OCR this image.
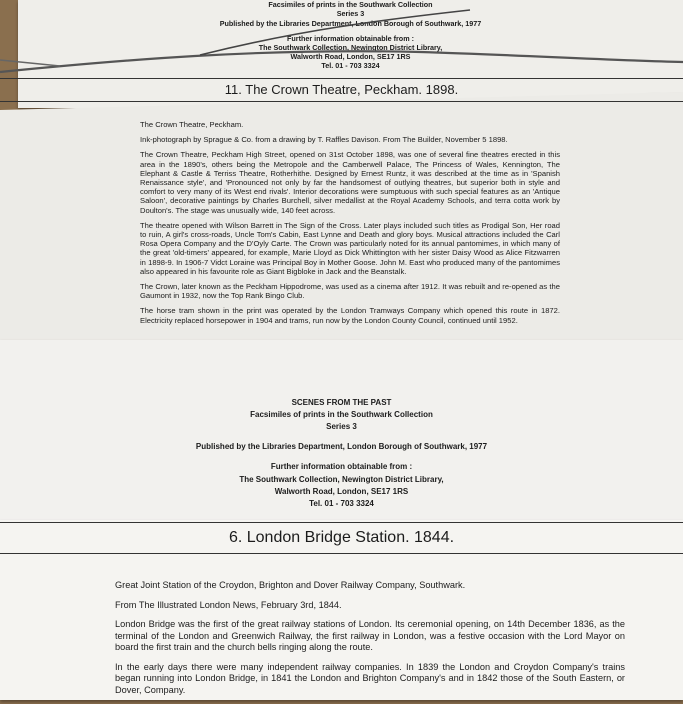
Facsimiles of prints in the Southwark Collection
Series 3
Published by the Libraries Department, London Borough of Southwark, 1977
Further information obtainable from :
The Southwark Collection, Newington District Library,
Walworth Road, London, SE17 1RS
Tel. 01 - 703 3324
11. The Crown Theatre, Peckham. 1898.

The Crown Theatre, Peckham.

Ink-photograph by Sprague & Co. from a drawing by T. Raffles Davison. From The Builder, November 5 1898.

The Crown Theatre, Peckham High Street, opened on 31st October 1898, was one of several fine theatres erected in this area in the 1890's, others being the Metropole and the Camberwell Palace, The Princess of Wales, Kennington, The Elephant & Castle & Terriss Theatre, Rotherhithe. Designed by Ernest Runtz, it was described at the time as in 'Spanish Renaissance style', and 'Pronounced not only by far the handsomest of outlying theatres, but superior both in style and comfort to very many of its West end rivals'. Interior decorations were sumptuous with such special features as an 'Antique Saloon', decorative paintings by Charles Burchell, silver medallist at the Royal Academy Schools, and terra cotta work by Doulton's. The stage was unusually wide, 140 feet across.

The theatre opened with Wilson Barrett in The Sign of the Cross. Later plays included such titles as Prodigal Son, Her road to ruin, A girl's cross-roads, Uncle Tom's Cabin, East Lynne and Death and glory boys. Musical attractions included the Carl Rosa Opera Company and the D'Oyly Carte. The Crown was particularly noted for its annual pantomimes, in which many of the great 'old-timers' appeared, for example, Marie Lloyd as Dick Whittington with her sister Daisy Wood as Alice Fitzwarren in 1898-9. In 1906-7 Vidct Loraine was Principal Boy in Mother Goose. John M. East who produced many of the pantomimes also appeared in his favourite role as Giant Bigbloke in Jack and the Beanstalk.

The Crown, later known as the Peckham Hippodrome, was used as a cinema after 1912. It was rebuilt and re-opened as the Gaumont in 1932, now the Top Rank Bingo Club.

The horse tram shown in the print was operated by the London Tramways Company which opened this route in 1872. Electricity replaced horsepower in 1904 and trams, run now by the London County Council, continued until 1952.

SCENES FROM THE PAST
Facsimiles of prints in the Southwark Collection
Series 3
Published by the Libraries Department, London Borough of Southwark, 1977
Further information obtainable from :
The Southwark Collection, Newington District Library,
Walworth Road, London, SE17 1RS
Tel. 01 - 703 3324
6. London Bridge Station. 1844.

Great Joint Station of the Croydon, Brighton and Dover Railway Company, Southwark.

From The Illustrated London News, February 3rd, 1844.

London Bridge was the first of the great railway stations of London. Its ceremonial opening, on 14th December 1836, as the terminal of the London and Greenwich Railway, the first railway in London, was a festive occasion with the Lord Mayor on board the first train and the church bells ringing along the route.

In the early days there were many independent railway companies. In 1839 the London and Croydon Company's trains began running into London Bridge, in 1841 the London and Brighton Company's and in 1842 those of the South Eastern, or Dover, Company.
